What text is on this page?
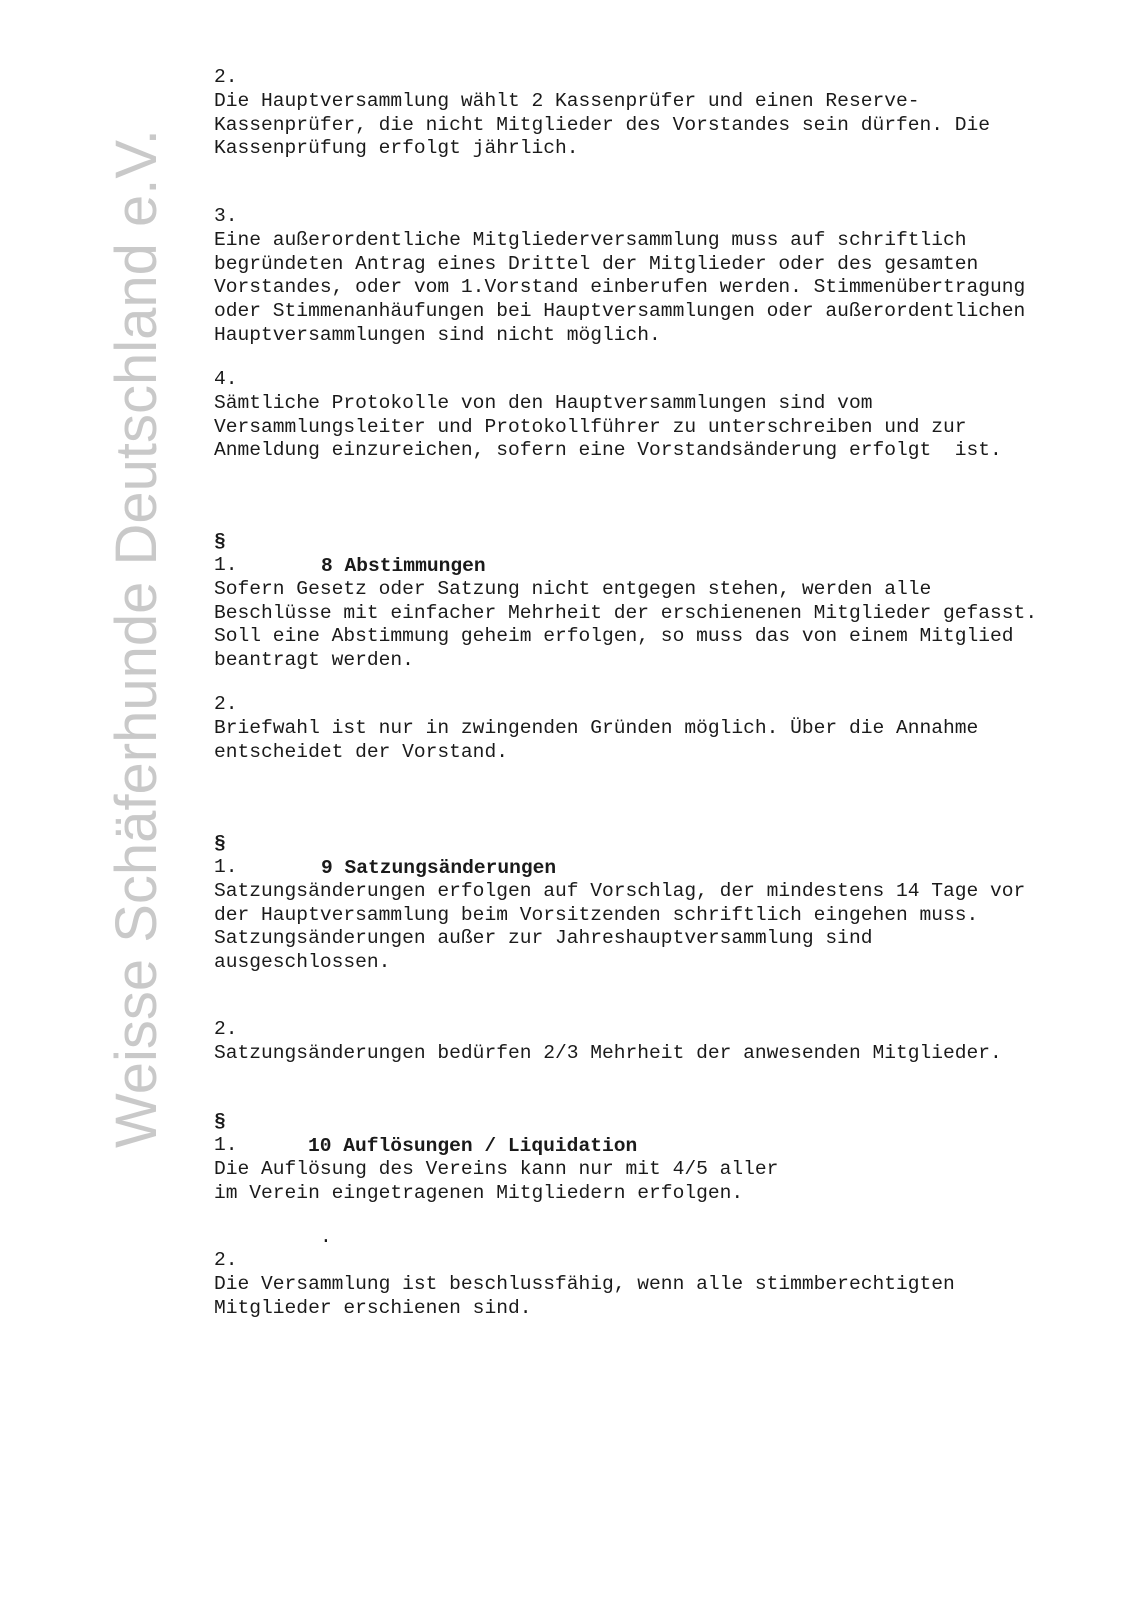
Weisse Schäferhunde Deutschland e.V.
2.
Die Hauptversammlung wählt 2 Kassenprüfer und einen Reserve-
Kassenprüfer, die nicht Mitglieder des Vorstandes sein dürfen. Die
Kassenprüfung erfolgt jährlich.
3.
Eine außerordentliche Mitgliederversammlung muss auf schriftlich
begründeten Antrag eines Drittel der Mitglieder oder des gesamten
Vorstandes, oder vom 1.Vorstand einberufen werden. Stimmenübertragung
oder Stimmenanhäufungen bei Hauptversammlungen oder außerordentlichen
Hauptversammlungen sind nicht möglich.
4.
Sämtliche Protokolle von den Hauptversammlungen sind vom
Versammlungsleiter und Protokollführer zu unterschreiben und zur
Anmeldung einzureichen, sofern eine Vorstandsänderung erfolgt  ist.

§

8 Abstimmungen

1.
Sofern Gesetz oder Satzung nicht entgegen stehen, werden alle
Beschlüsse mit einfacher Mehrheit der erschienenen Mitglieder gefasst.
Soll eine Abstimmung geheim erfolgen, so muss das von einem Mitglied
beantragt werden.
2.
Briefwahl ist nur in zwingenden Gründen möglich. Über die Annahme
entscheidet der Vorstand.

§

9 Satzungsänderungen

1.
Satzungsänderungen erfolgen auf Vorschlag, der mindestens 14 Tage vor
der Hauptversammlung beim Vorsitzenden schriftlich eingehen muss.
Satzungsänderungen außer zur Jahreshauptversammlung sind
ausgeschlossen.
2.
Satzungsänderungen bedürfen 2/3 Mehrheit der anwesenden Mitglieder.

§

10 Auflösungen / Liquidation

1.
Die Auflösung des Vereins kann nur mit 4/5 aller
im Verein eingetragenen Mitgliedern erfolgen.
.
2.
Die Versammlung ist beschlussfähig, wenn alle stimmberechtigten
Mitglieder erschienen sind.
